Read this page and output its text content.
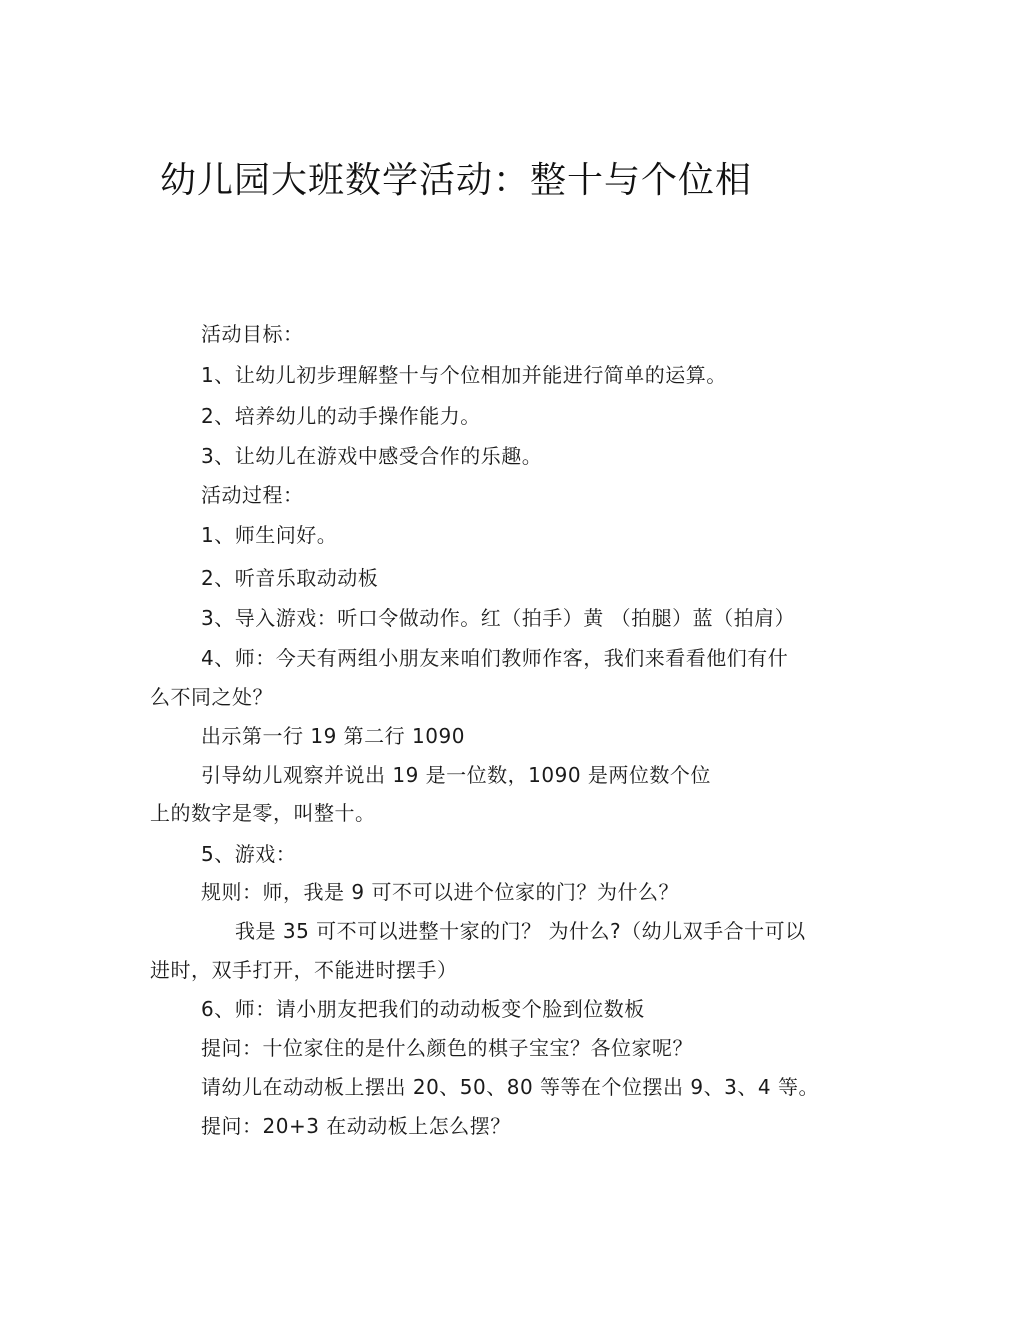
幼儿园大班数学活动：整十与个位相
活动目标：
1、让幼儿初步理解整十与个位相加并能进行简单的运算。
2、培养幼儿的动手操作能力。
3、让幼儿在游戏中感受合作的乐趣。
活动过程：
1、师生问好。
2、听音乐取动动板
3、导入游戏：听口令做动作。红（拍手）黄 （拍腿）蓝（拍肩）
4、师：今天有两组小朋友来咱们教师作客，我们来看看他们有什
么不同之处？
出示第一行 19 第二行 1090
引导幼儿观察并说出 19 是一位数，1090 是两位数个位
上的数字是零，叫整十。
5、游戏：
规则：师，我是 9 可不可以进个位家的门？为什么？
我是 35 可不可以进整十家的门？ 为什么?（幼儿双手合十可以
进时，双手打开，不能进时摆手）
6、师：请小朋友把我们的动动板变个脸到位数板
提问：十位家住的是什么颜色的棋子宝宝？各位家呢？
请幼儿在动动板上摆出 20、50、80 等等在个位摆出 9、3、4 等。
提问：20+3 在动动板上怎么摆？
